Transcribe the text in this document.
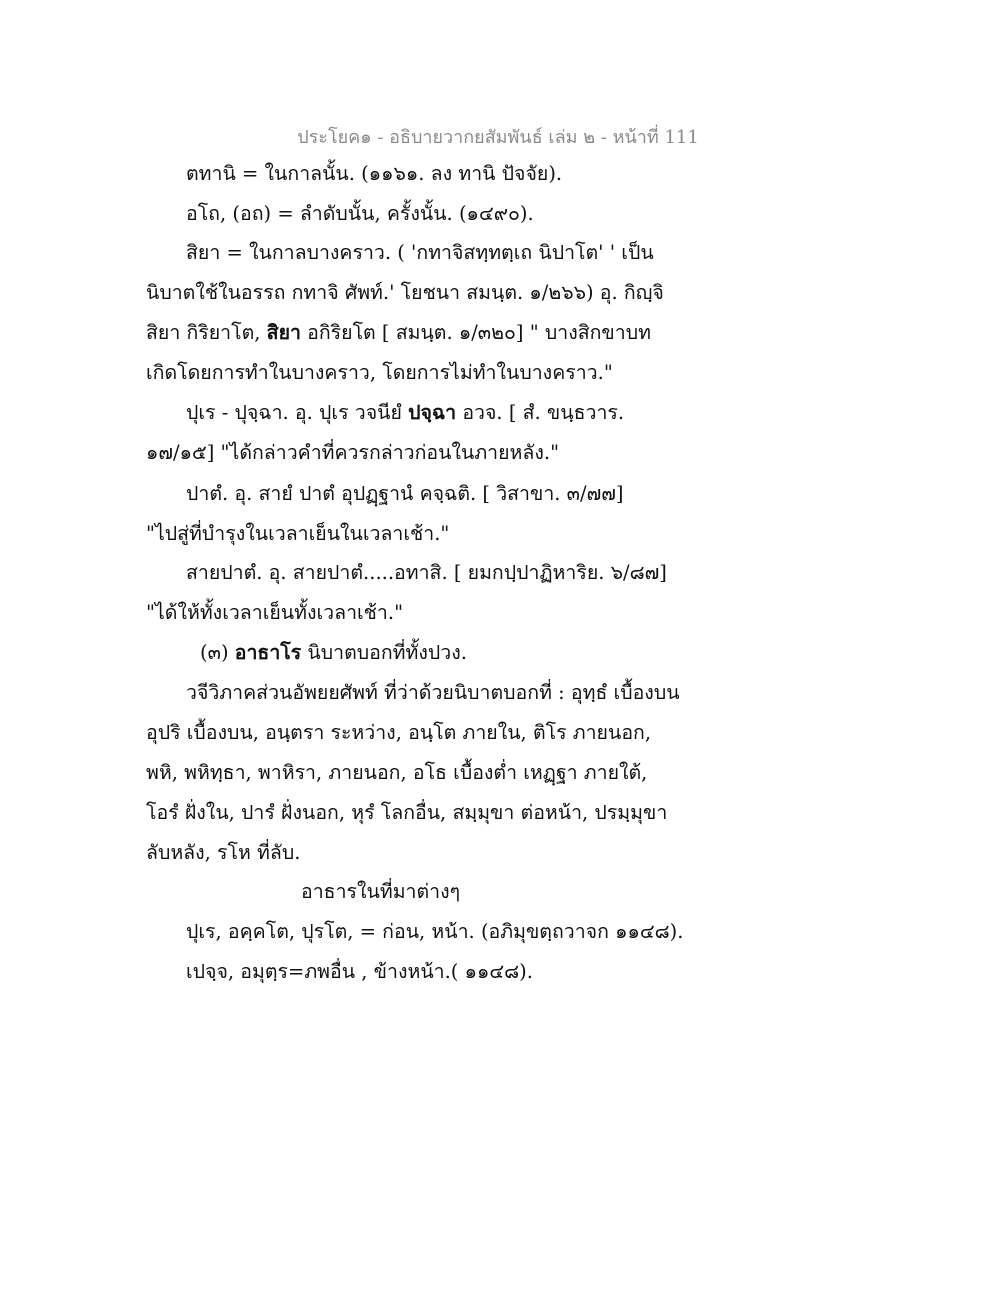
ประโยค๑ - อธิบายวากยสัมพันธ์ เล่ม ๒ - หน้าที่ 111
ตทานิ = ในกาลนั้น. (๑๑๖๑. ลง ทานิ ปัจจัย).
อโถ, (อถ) = ลำดับนั้น, ครั้งนั้น. (๑๔๙๐).
สิยา = ในกาลบางคราว. ( 'กทาจิสทฺทตฺเถ นิปาโต' ' เป็น
นิบาตใช้ในอรรถ กทาจิ ศัพท์.' โยชนา สมนฺต. ๑/๒๖๖) อุ. กิญฺจิ
สิยา กิริยาโต, สิยา อกิริยโต [ สมนฺต. ๑/๓๒๐] " บางสิกขาบท
เกิดโดยการทำในบางคราว, โดยการไม่ทำในบางคราว."
ปุเร - ปุจฺฉา. อุ. ปุเร วจนียํ ปจฺฉา อวจ. [ สํ. ขนฺธวาร.
๑๗/๑๕] "ได้กล่าวคำที่ควรกล่าวก่อนในภายหลัง."
ปาตํ. อุ. สายํ ปาตํ อุปฏฺฐานํ คจฺฉติ. [ วิสาขา. ๓/๗๗]
"ไปสู่ที่บำรุงในเวลาเย็นในเวลาเช้า."
สายปาตํ. อุ. สายปาตํ.....อทาสิ. [ ยมกปฺปาฏิหาริย. ๖/๘๗]
"ได้ให้ทั้งเวลาเย็นทั้งเวลาเช้า."
(๓) อาธาโร นิบาตบอกที่ทั้งปวง.
วจีวิภาคส่วนอัพยยศัพท์ ที่ว่าด้วยนิบาตบอกที่ : อุทฺธํ เบื้องบน
อุปริ เบื้องบน, อนฺตรา ระหว่าง, อนฺโต ภายใน, ติโร ภายนอก,
พหิ, พหิทฺธา, พาหิรา, ภายนอก, อโธ เบื้องต่ำ เหฏฺฐา ภายใต้,
โอรํ ฝั่งใน, ปารํ ฝั่งนอก, หุรํ โลกอื่น, สมฺมุขา ต่อหน้า, ปรมฺมุขา
ลับหลัง, รโห ที่ลับ.
อาธารในที่มาต่างๆ
ปุเร, อคฺคโต, ปุรโต, = ก่อน, หน้า. (อภิมุขตฺถวาจก ๑๑๔๘).
เปจฺจ, อมุตฺร=ภพอื่น , ข้างหน้า.( ๑๑๔๘).
